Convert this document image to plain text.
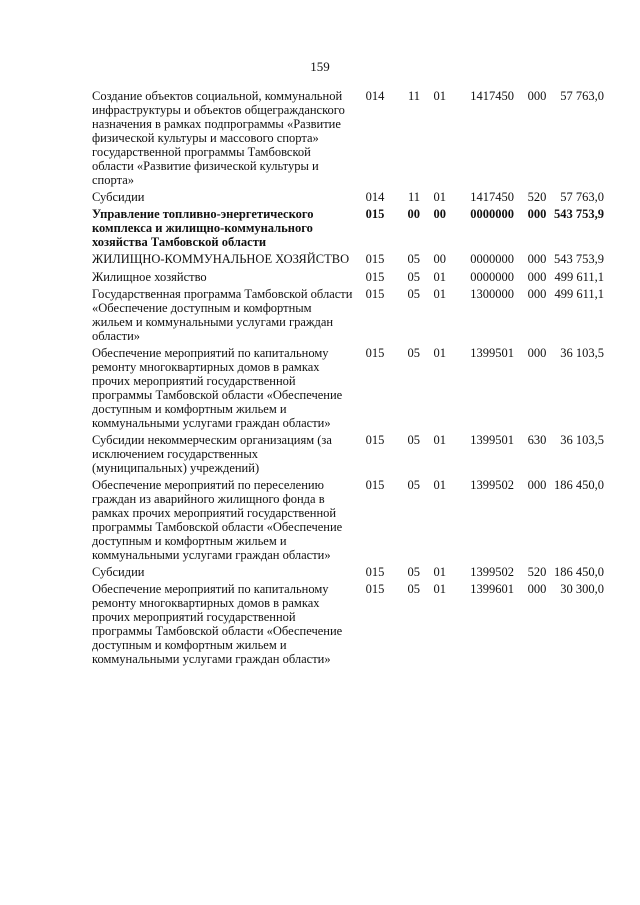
159
Создание объектов социальной, коммунальной инфраструктуры и объектов общегражданского назначения в рамках подпрограммы «Развитие физической культуры и массового спорта» государственной программы Тамбовской области «Развитие физической культуры и спорта»	014	11	01	1417450	000	57 763,0
Субсидии	014	11	01	1417450	520	57 763,0
Управление топливно-энергетического комплекса и жилищно-коммунального хозяйства Тамбовской области	015	00	00	0000000	000	543 753,9
ЖИЛИЩНО-КОММУНАЛЬНОЕ ХОЗЯЙСТВО	015	05	00	0000000	000	543 753,9
Жилищное хозяйство	015	05	01	0000000	000	499 611,1
Государственная программа Тамбовской области «Обеспечение доступным и комфортным жильем и коммунальными услугами граждан области»	015	05	01	1300000	000	499 611,1
Обеспечение мероприятий по капитальному ремонту многоквартирных домов в рамках прочих мероприятий государственной программы Тамбовской области «Обеспечение доступным и комфортным жильем и коммунальными услугами граждан области»	015	05	01	1399501	000	36 103,5
Субсидии некоммерческим организациям (за исключением государственных (муниципальных) учреждений)	015	05	01	1399501	630	36 103,5
Обеспечение мероприятий по переселению граждан из аварийного жилищного фонда в рамках прочих мероприятий государственной программы Тамбовской области «Обеспечение доступным и комфортным жильем и коммунальными услугами граждан области»	015	05	01	1399502	000	186 450,0
Субсидии	015	05	01	1399502	520	186 450,0
Обеспечение мероприятий по капитальному ремонту многоквартирных домов в рамках прочих мероприятий государственной программы Тамбовской области «Обеспечение доступным и комфортным жильем и коммунальными услугами граждан области»	015	05	01	1399601	000	30 300,0
